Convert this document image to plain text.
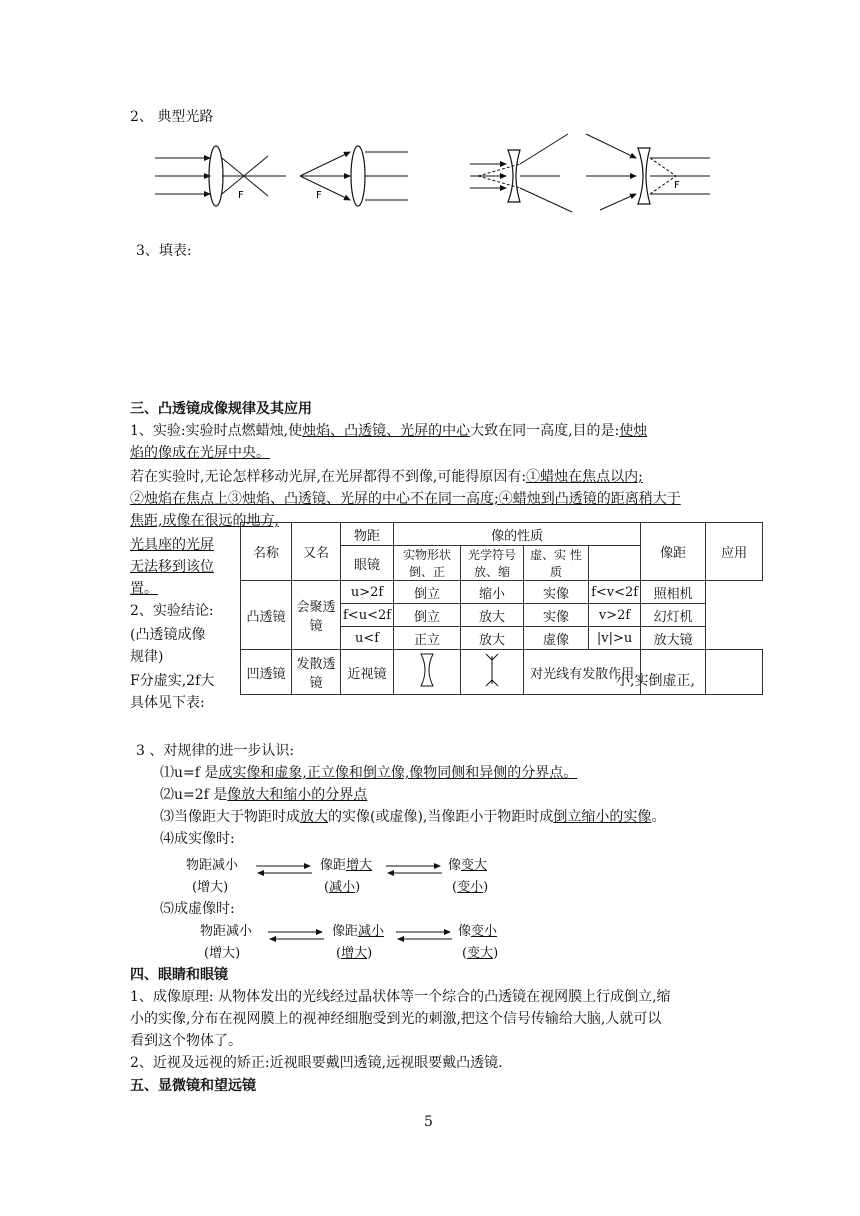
2、 典型光路
F	F
F
3、填表:
三、凸透镜成像规律及其应用
1、实验:实验时点燃蜡烛,使烛焰、凸透镜、光屏的中心大致在同一高度,目的是:使烛
焰的像成在光屏中央。
若在实验时,无论怎样移动光屏,在光屏都得不到像,可能得原因有:①蜡烛在焦点以内;
②烛焰在焦点上③烛焰、凸透镜、光屏的中心不在同一高度;④蜡烛到凸透镜的距离稍大于
焦距,成像在很远的地方,
光具座的光屏
无法移到该位
置。
2、实验结论:
(凸透镜成像
规律)
F分虚实,2f大
具体见下表:
小,实倒虚正,
名称	又名	物距	像的性质				像距	应用
		眼镜	实物形状 倒、正	光学符号 放、缩	虚、实 性质			
凸透镜	会聚透镜	u>2f	倒立	缩小	实像	f<v<2f	照相机
		f<u<2f	倒立	放大	实像	v>2f	幻灯机	
		u<f	正立	放大	虚像	|v|>u	放大镜	
凹透镜	发散透镜	近视镜			对光线有发散作用			
3 、对规律的进一步认识:
⑴u=f 是成实像和虚象,正立像和倒立像,像物同侧和异侧的分界点。
⑵u=2f 是像放大和缩小的分界点
⑶当像距大于物距时成放大的实像(或虚像),当像距小于物距时成倒立缩小的实像。
⑷成实像时:
物距减小
(增大)
像距增大
(减小)
像变大
(变小)
⑸成虚像时:
物距减小
(增大)
像距减小
(增大)
像变小
(变大)
四、眼睛和眼镜
1、成像原理: 从物体发出的光线经过晶状体等一个综合的凸透镜在视网膜上行成倒立,缩
小的实像,分布在视网膜上的视神经细胞受到光的刺激,把这个信号传输给大脑,人就可以
看到这个物体了。
2、近视及远视的矫正:近视眼要戴凹透镜,远视眼要戴凸透镜.
五、显微镜和望远镜
5
